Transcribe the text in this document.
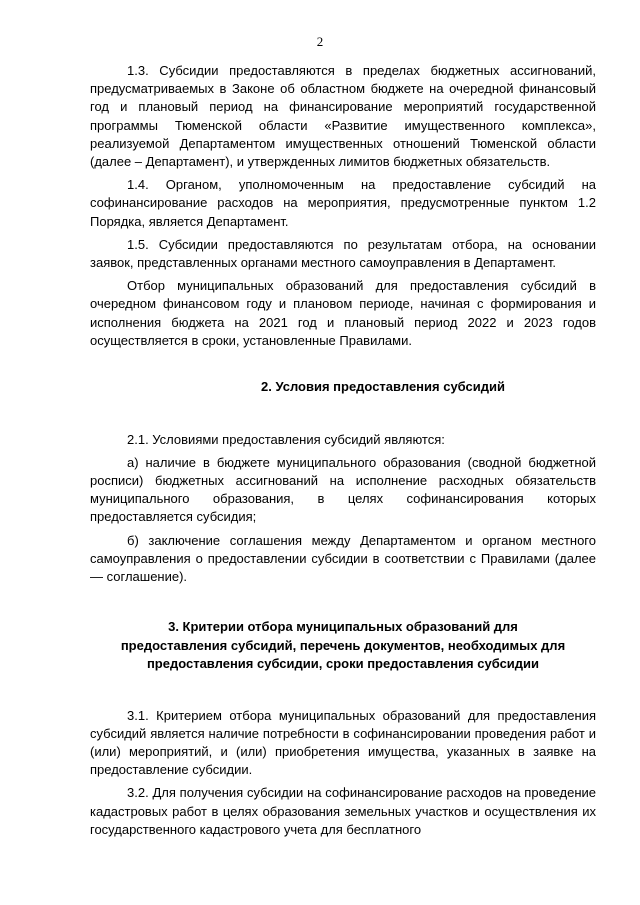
2

1.3. Субсидии предоставляются в пределах бюджетных ассигнований, предусматриваемых в Законе об областном бюджете на очередной финансовый год и плановый период на финансирование мероприятий государственной программы Тюменской области «Развитие имущественного комплекса», реализуемой Департаментом имущественных отношений Тюменской области (далее – Департамент), и утвержденных лимитов бюджетных обязательств.

1.4. Органом, уполномоченным на предоставление субсидий на софинансирование расходов на мероприятия, предусмотренные пунктом 1.2 Порядка, является Департамент.

1.5. Субсидии предоставляются по результатам отбора, на основании заявок, представленных органами местного самоуправления в Департамент.

Отбор муниципальных образований для предоставления субсидий в очередном финансовом году и плановом периоде, начиная с формирования и исполнения бюджета на 2021 год и плановый период 2022 и 2023 годов осуществляется в сроки, установленные Правилами.

2. Условия предоставления субсидий

2.1. Условиями предоставления субсидий являются:

а) наличие в бюджете муниципального образования (сводной бюджетной росписи) бюджетных ассигнований на исполнение расходных обязательств муниципального образования, в целях софинансирования которых предоставляется субсидия;

б) заключение соглашения между Департаментом и органом местного самоуправления о предоставлении субсидии в соответствии с Правилами (далее — соглашение).

3. Критерии отбора муниципальных образований для
предоставления субсидий, перечень документов, необходимых для
предоставления субсидии, сроки предоставления субсидии

3.1. Критерием отбора муниципальных образований для предоставления субсидий является наличие потребности в софинансировании проведения работ и (или) мероприятий, и (или) приобретения имущества, указанных в заявке на предоставление субсидии.

3.2. Для получения субсидии на софинансирование расходов на проведение кадастровых работ в целях образования земельных участков и осуществления их государственного кадастрового учета для бесплатного
